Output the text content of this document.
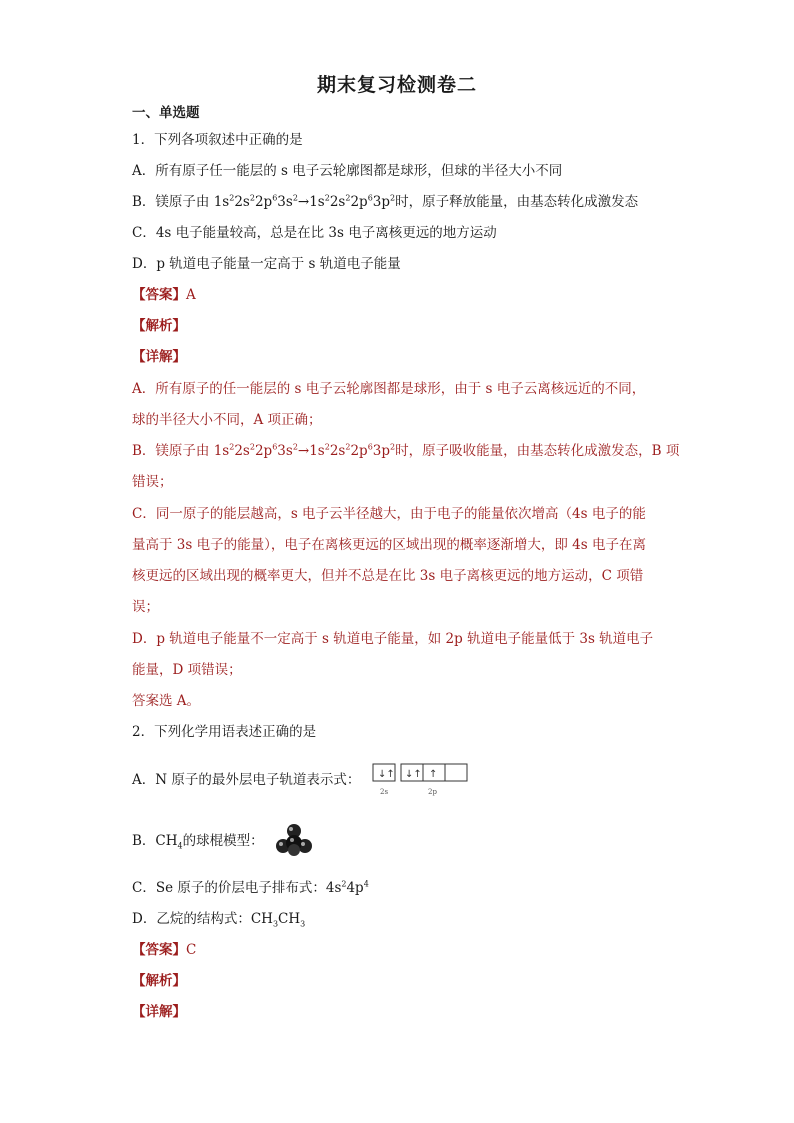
期末复习检测卷二
一、单选题
1．下列各项叙述中正确的是
A．所有原子任一能层的 s 电子云轮廓图都是球形，但球的半径大小不同
B．镁原子由 $1s^22s^22p^63s^2\to 1s^22s^22p^63p^2$时，原子释放能量，由基态转化成激发态
C．4s 电子能量较高，总是在比 3s 电子离核更远的地方运动
D．p 轨道电子能量一定高于 s 轨道电子能量
【答案】A
【解析】
【详解】
A．所有原子的任一能层的 s 电子云轮廓图都是球形，由于 s 电子云离核远近的不同，
球的半径大小不同，A 项正确；
B．镁原子由 $1s^22s^22p^63s^2\to 1s^22s^22p^63p^2$时，原子吸收能量，由基态转化成激发态，B 项
错误；
C．同一原子的能层越高，s 电子云半径越大，由于电子的能量依次增高（4s 电子的能
量高于 3s 电子的能量），电子在离核更远的区域出现的概率逐渐增大，即 4s 电子在离
核更远的区域出现的概率更大，但并不总是在比 3s 电子离核更远的地方运动，C 项错
误；
D．p 轨道电子能量不一定高于 s 轨道电子能量，如 2p 轨道电子能量低于 3s 轨道电子
能量，D 项错误；
答案选 A。
2．下列化学用语表述正确的是
A．N 原子的最外层电子轨道表示式：	↓↑ ↓↑ ↑
2s	2p
B．$CH_4$的球棍模型：
C．Se 原子的价层电子排布式：$4s^24p^4$
D．乙烷的结构式：$CH_3CH_3$
【答案】C
【解析】
【详解】
